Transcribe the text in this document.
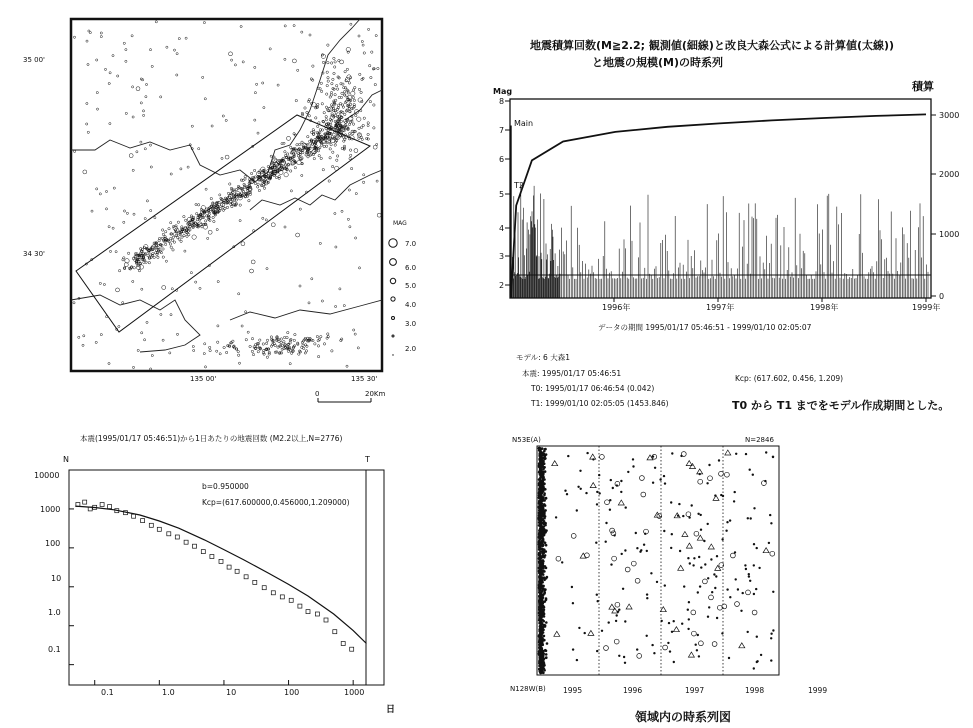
35 00'
34 30'
135 00'	135 30'
MAG
7.0
6.0
5.0
4.0
3.0
2.0
0	20Km
地震積算回数(M≧2.2; 観測値(細線)と改良大森公式による計算値(太線))
と地震の規模(M)の時系列
Mag	積算
8
7
6
5
4
3
2
3000
2000
1000
0
1996年	1997年	1998年	1999年
Main
T2
データの期間 1995/01/17 05:46:51 - 1999/01/10 02:05:07
モデル: 6 大森1
本震: 1995/01/17 05:46:51
T0: 1995/01/17 06:46:54 (0.042)
T1: 1999/01/10 02:05:05 (1453.846)
Kcp: (617.602, 0.456, 1.209)
T0 から T1 までをモデル作成期間とした。
本震(1995/01/17 05:46:51)から1日あたりの地震回数 (M2.2以上,N=2776)
N	T
10000
1000
100
10
1.0
0.1
0.1	1.0	10	100	1000
日
b=0.950000
Kcp=(617.600000,0.456000,1.209000)
N53E(A)	N=2846
N128W(B) 1995	1996	1997	1998	1999
領域内の時系列図
